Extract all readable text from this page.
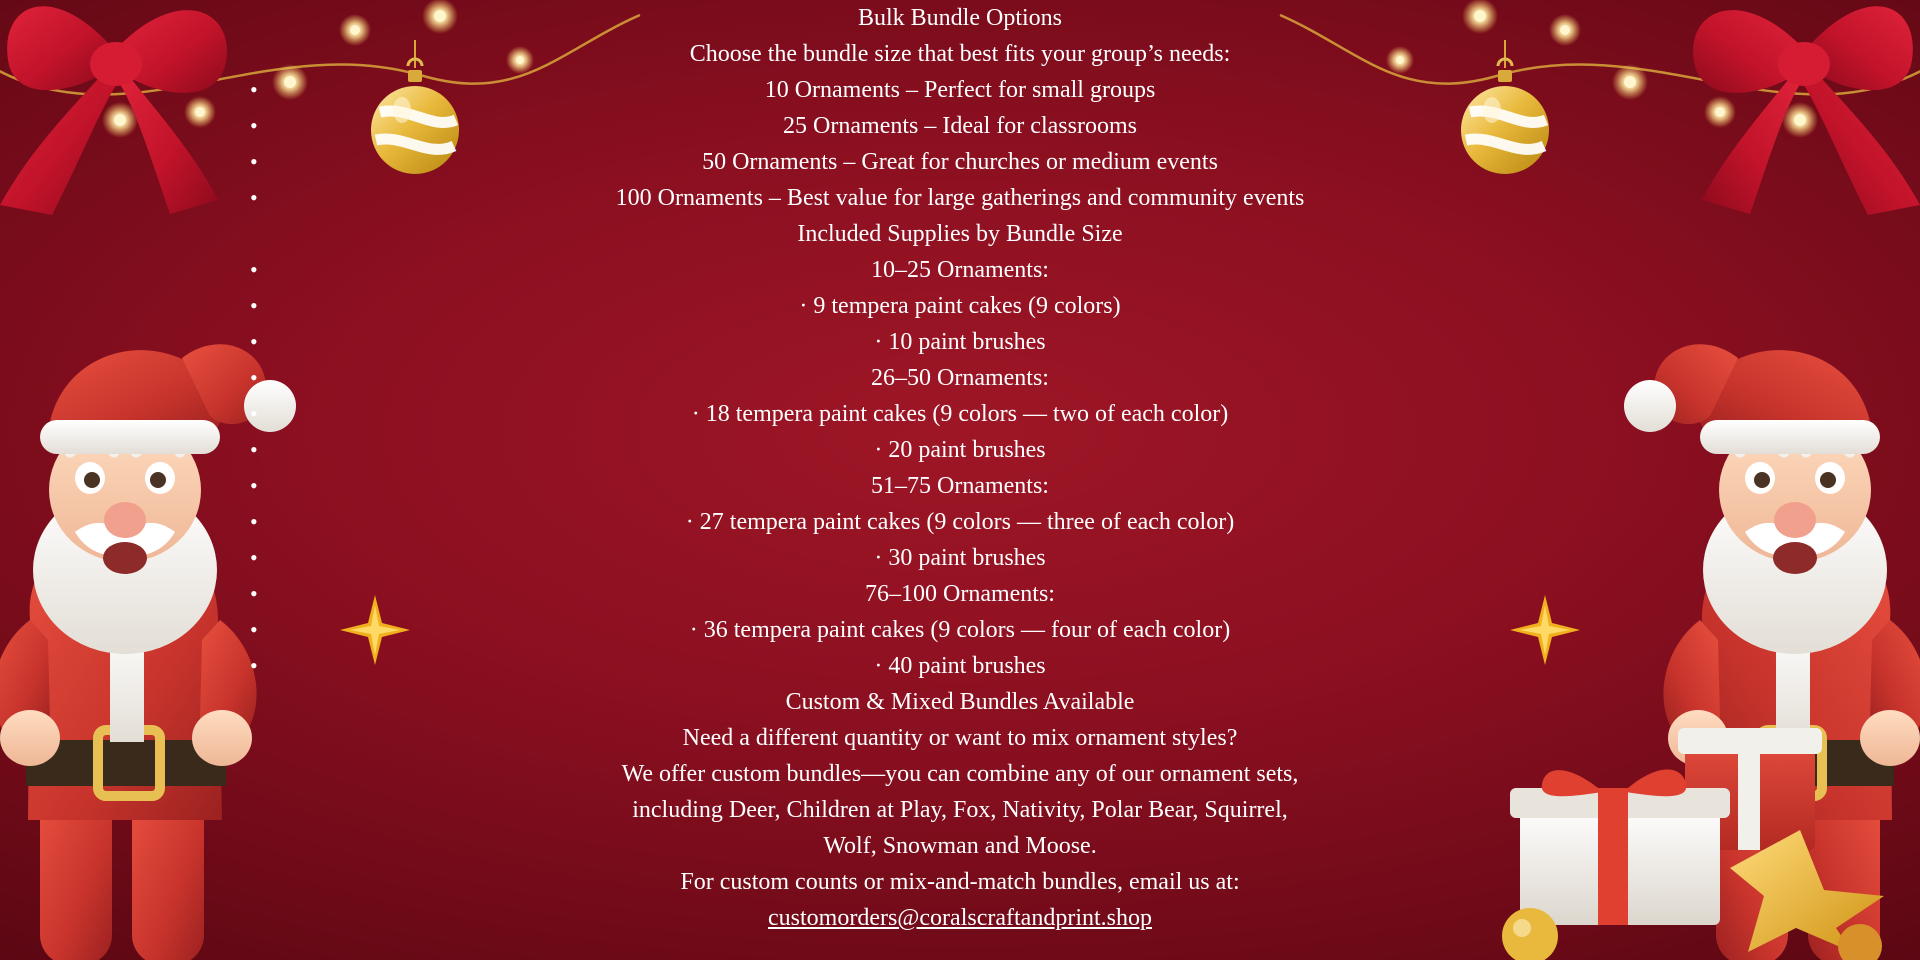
Bulk Bundle Options
Choose the bundle size that best fits your group’s needs:
• 10 Ornaments – Perfect for small groups
• 25 Ornaments – Ideal for classrooms
• 50 Ornaments – Great for churches or medium events
• 100 Ornaments – Best value for large gatherings and community events
Included Supplies by Bundle Size
• 10–25 Ornaments:
• · 9 tempera paint cakes (9 colors)
• · 10 paint brushes
• 26–50 Ornaments:
• · 18 tempera paint cakes (9 colors — two of each color)
• · 20 paint brushes
• 51–75 Ornaments:
• · 27 tempera paint cakes (9 colors — three of each color)
• · 30 paint brushes
• 76–100 Ornaments:
• · 36 tempera paint cakes (9 colors — four of each color)
• · 40 paint brushes
Custom & Mixed Bundles Available
Need a different quantity or want to mix ornament styles?
We offer custom bundles—you can combine any of our ornament sets,
including Deer, Children at Play, Fox, Nativity, Polar Bear, Squirrel,
Wolf, Snowman and Moose.
For custom counts or mix-and-match bundles, email us at:
customorders@coralscraftandprint.shop
